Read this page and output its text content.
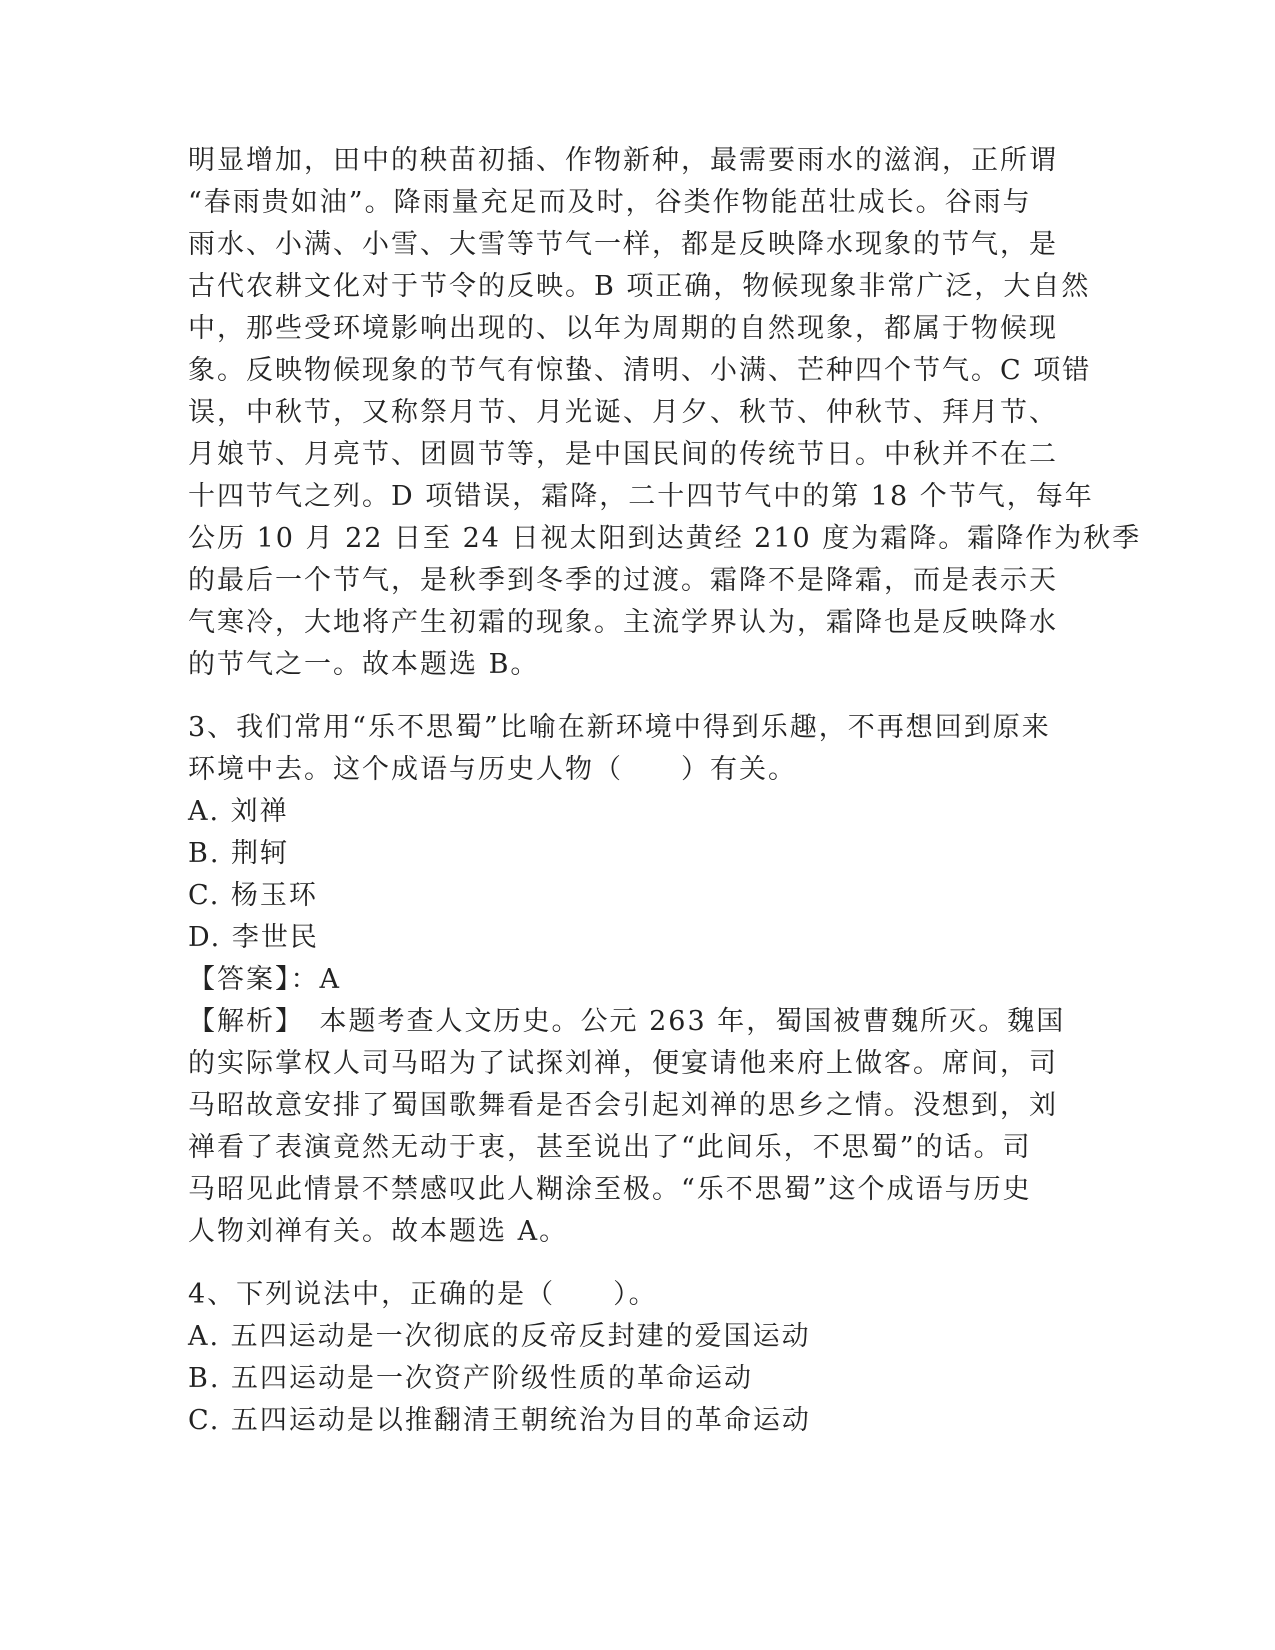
明显增加，田中的秧苗初插、作物新种，最需要雨水的滋润，正所谓
“春雨贵如油”。降雨量充足而及时，谷类作物能茁壮成长。谷雨与
雨水、小满、小雪、大雪等节气一样，都是反映降水现象的节气，是
古代农耕文化对于节令的反映。B 项正确，物候现象非常广泛，大自然
中，那些受环境影响出现的、以年为周期的自然现象，都属于物候现
象。反映物候现象的节气有惊蛰、清明、小满、芒种四个节气。C 项错
误，中秋节，又称祭月节、月光诞、月夕、秋节、仲秋节、拜月节、
月娘节、月亮节、团圆节等，是中国民间的传统节日。中秋并不在二
十四节气之列。D 项错误，霜降，二十四节气中的第 18 个节气，每年
公历 10 月 22 日至 24 日视太阳到达黄经 210 度为霜降。霜降作为秋季
的最后一个节气，是秋季到冬季的过渡。霜降不是降霜，而是表示天
气寒冷，大地将产生初霜的现象。主流学界认为，霜降也是反映降水
的节气之一。故本题选 B。
3、我们常用“乐不思蜀”比喻在新环境中得到乐趣，不再想回到原来
环境中去。这个成语与历史人物（　　）有关。
A. 刘禅
B. 荆轲
C. 杨玉环
D. 李世民
【答案】：A
【解析】　本题考查人文历史。公元 263 年，蜀国被曹魏所灭。魏国
的实际掌权人司马昭为了试探刘禅，便宴请他来府上做客。席间，司
马昭故意安排了蜀国歌舞看是否会引起刘禅的思乡之情。没想到，刘
禅看了表演竟然无动于衷，甚至说出了“此间乐，不思蜀”的话。司
马昭见此情景不禁感叹此人糊涂至极。“乐不思蜀”这个成语与历史
人物刘禅有关。故本题选 A。
4、下列说法中，正确的是（　　）。
A. 五四运动是一次彻底的反帝反封建的爱国运动
B. 五四运动是一次资产阶级性质的革命运动
C. 五四运动是以推翻清王朝统治为目的革命运动
